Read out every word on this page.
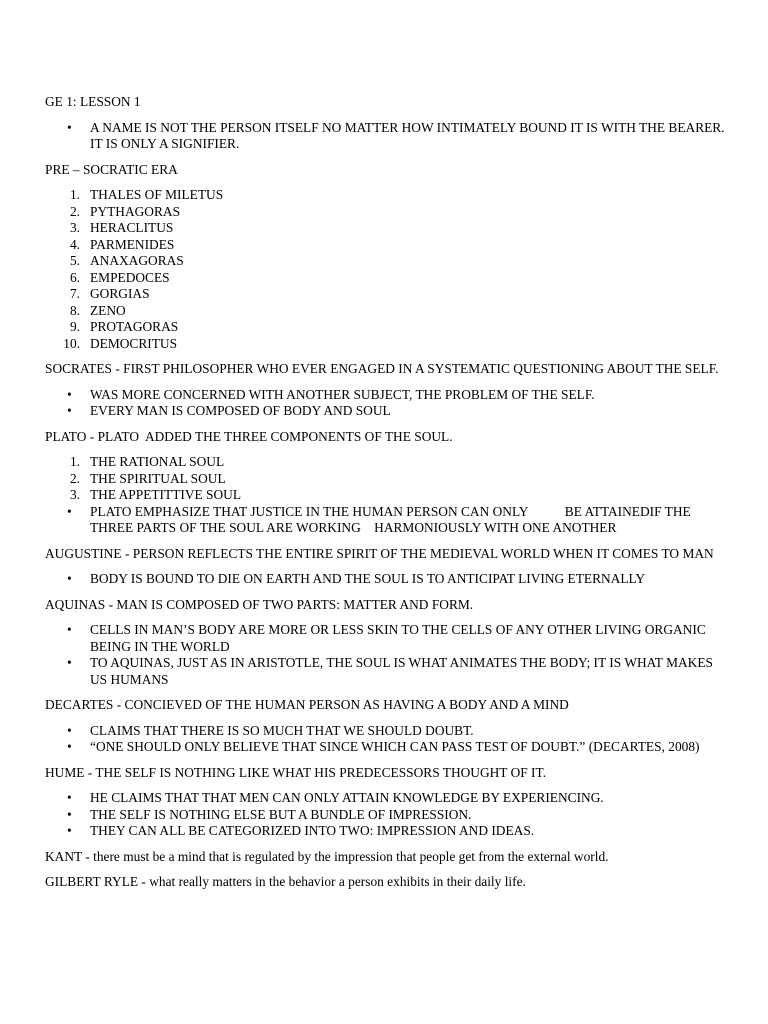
GE 1: LESSON 1

• A NAME IS NOT THE PERSON ITSELF NO MATTER HOW INTIMATELY BOUND IT IS WITH THE BEARER. IT IS ONLY A SIGNIFIER.

PRE – SOCRATIC ERA

1. THALES OF MILETUS
2. PYTHAGORAS
3. HERACLITUS
4. PARMENIDES
5. ANAXAGORAS
6. EMPEDOCES
7. GORGIAS
8. ZENO
9. PROTAGORAS
10. DEMOCRITUS

SOCRATES - FIRST PHILOSOPHER WHO EVER ENGAGED IN A SYSTEMATIC QUESTIONING ABOUT THE SELF.

• WAS MORE CONCERNED WITH ANOTHER SUBJECT, THE PROBLEM OF THE SELF.
• EVERY MAN IS COMPOSED OF BODY AND SOUL

PLATO - PLATO  ADDED THE THREE COMPONENTS OF THE SOUL.

1. THE RATIONAL SOUL
2. THE SPIRITUAL SOUL
3. THE APPETITTIVE SOUL
• PLATO EMPHASIZE THAT JUSTICE IN THE HUMAN PERSON CAN ONLY           BE ATTAINEDIF THE THREE PARTS OF THE SOUL ARE WORKING    HARMONIOUSLY WITH ONE ANOTHER

AUGUSTINE - PERSON REFLECTS THE ENTIRE SPIRIT OF THE MEDIEVAL WORLD WHEN IT COMES TO MAN

• BODY IS BOUND TO DIE ON EARTH AND THE SOUL IS TO ANTICIPAT LIVING ETERNALLY

AQUINAS - MAN IS COMPOSED OF TWO PARTS: MATTER AND FORM.

• CELLS IN MAN’S BODY ARE MORE OR LESS SKIN TO THE CELLS OF ANY OTHER LIVING ORGANIC BEING IN THE WORLD
• TO AQUINAS, JUST AS IN ARISTOTLE, THE SOUL IS WHAT ANIMATES THE BODY; IT IS WHAT MAKES US HUMANS

DECARTES - CONCIEVED OF THE HUMAN PERSON AS HAVING A BODY AND A MIND

• CLAIMS THAT THERE IS SO MUCH THAT WE SHOULD DOUBT.
• “ONE SHOULD ONLY BELIEVE THAT SINCE WHICH CAN PASS TEST OF DOUBT.” (DECARTES, 2008)

HUME - THE SELF IS NOTHING LIKE WHAT HIS PREDECESSORS THOUGHT OF IT.

• HE CLAIMS THAT THAT MEN CAN ONLY ATTAIN KNOWLEDGE BY EXPERIENCING.
• THE SELF IS NOTHING ELSE BUT A BUNDLE OF IMPRESSION.
• THEY CAN ALL BE CATEGORIZED INTO TWO: IMPRESSION AND IDEAS.

KANT - there must be a mind that is regulated by the impression that people get from the external world.

GILBERT RYLE - what really matters in the behavior a person exhibits in their daily life.
